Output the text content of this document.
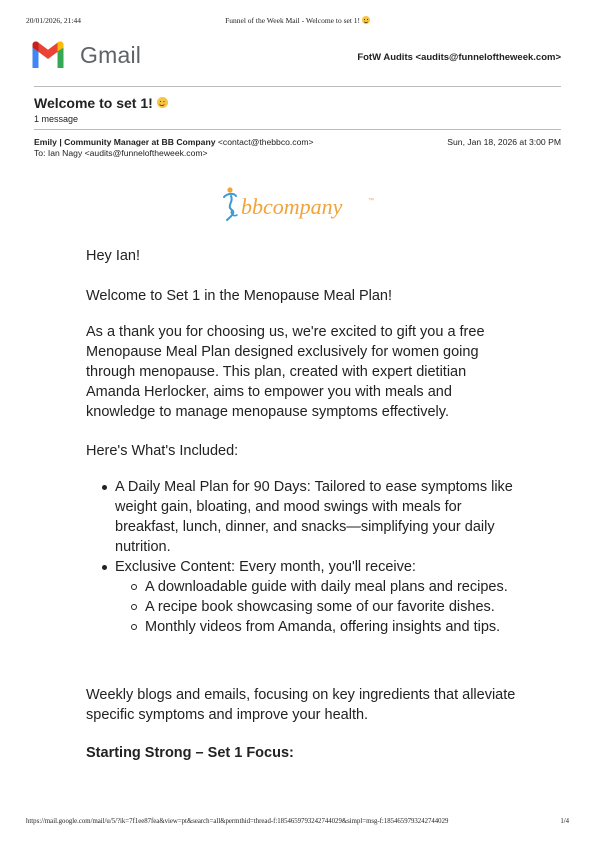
20/01/2026, 21:44	Funnel of the Week Mail - Welcome to set 1!
Gmail	FotW Audits <audits@funneloftheweek.com>
Welcome to set 1!
1 message
Emily | Community Manager at BB Company <contact@thebbco.com>	Sun, Jan 18, 2026 at 3:00 PM
To: Ian Nagy <audits@funneloftheweek.com>
bbcompany	™
Hey Ian!
Welcome to Set 1 in the Menopause Meal Plan!
As a thank you for choosing us, we're excited to gift you a free Menopause Meal Plan designed exclusively for women going through menopause. This plan, created with expert dietitian Amanda Herlocker, aims to empower you with meals and knowledge to manage menopause symptoms effectively.
Here's What's Included:
A Daily Meal Plan for 90 Days: Tailored to ease symptoms like weight gain, bloating, and mood swings with meals for breakfast, lunch, dinner, and snacks—simplifying your daily nutrition.
Exclusive Content: Every month, you'll receive:
A downloadable guide with daily meal plans and recipes.
A recipe book showcasing some of our favorite dishes.
Monthly videos from Amanda, offering insights and tips.
Weekly blogs and emails, focusing on key ingredients that alleviate specific symptoms and improve your health.
Starting Strong – Set 1 Focus:
https://mail.google.com/mail/u/5/?ik=7f1ee87fea&view=pt&search=all&permthid=thread-f:1854659793242744029&simpl=msg-f:1854659793242744029	1/4
